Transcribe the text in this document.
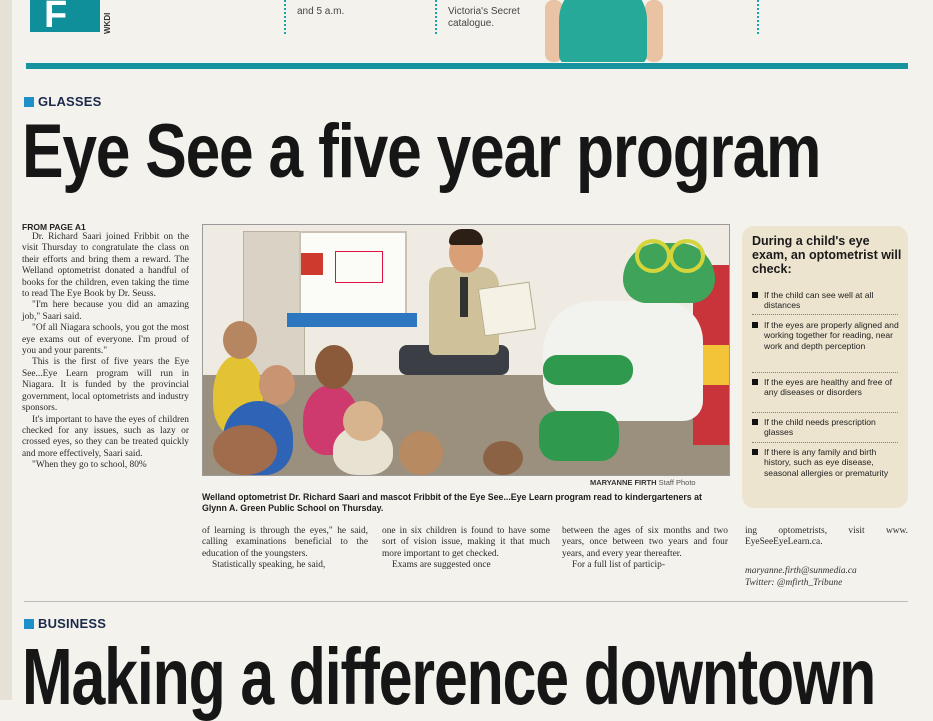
F	WKDI
and 5 a.m.	Victoria's Secret
catalogue.
GLASSES
Eye See a five year program

FROM PAGE A1

Dr. Richard Saari joined Fribbit on the visit Thursday to congratulate the class on their efforts and bring them a reward. The Welland optometrist donated a handful of books for the children, even taking the time to read The Eye Book by Dr. Seuss.

"I'm here because you did an amazing job," Saari said.

"Of all Niagara schools, you got the most eye exams out of everyone. I'm proud of you and your parents."

This is the first of five years the Eye See...Eye Learn program will run in Niagara. It is funded by the provincial government, local optometrists and industry sponsors.

It's important to have the eyes of children checked for any issues, such as lazy or crossed eyes, so they can be treated quickly and more effectively, Saari said.

"When they go to school, 80%

MARYANNE FIRTH Staff Photo
Welland optometrist Dr. Richard Saari and mascot Fribbit of the Eye See...Eye Learn program read to kindergarteners at Glynn A. Green Public School on Thursday.

of learning is through the eyes," he said, calling examinations beneficial to the education of the youngsters.

Statistically speaking, he said,

one in six children is found to have some sort of vision issue, making it that much more important to get checked.

Exams are suggested once

between the ages of six months and two years, once between two years and four years, and every year thereafter.

For a full list of particip-

ing optometrists, visit www. EyeSeeEyeLearn.ca.

maryanne.firth@sunmedia.ca
Twitter: @mfirth_Tribune
During a child's eye exam, an optometrist will check:
If the child can see well at all distances
If the eyes are properly aligned and working together for reading, near work and depth perception
If the eyes are healthy and free of any diseases or disorders
If the child needs prescription glasses
If there is any family and birth history, such as eye disease, seasonal allergies or prematurity
BUSINESS
Making a difference downtown
